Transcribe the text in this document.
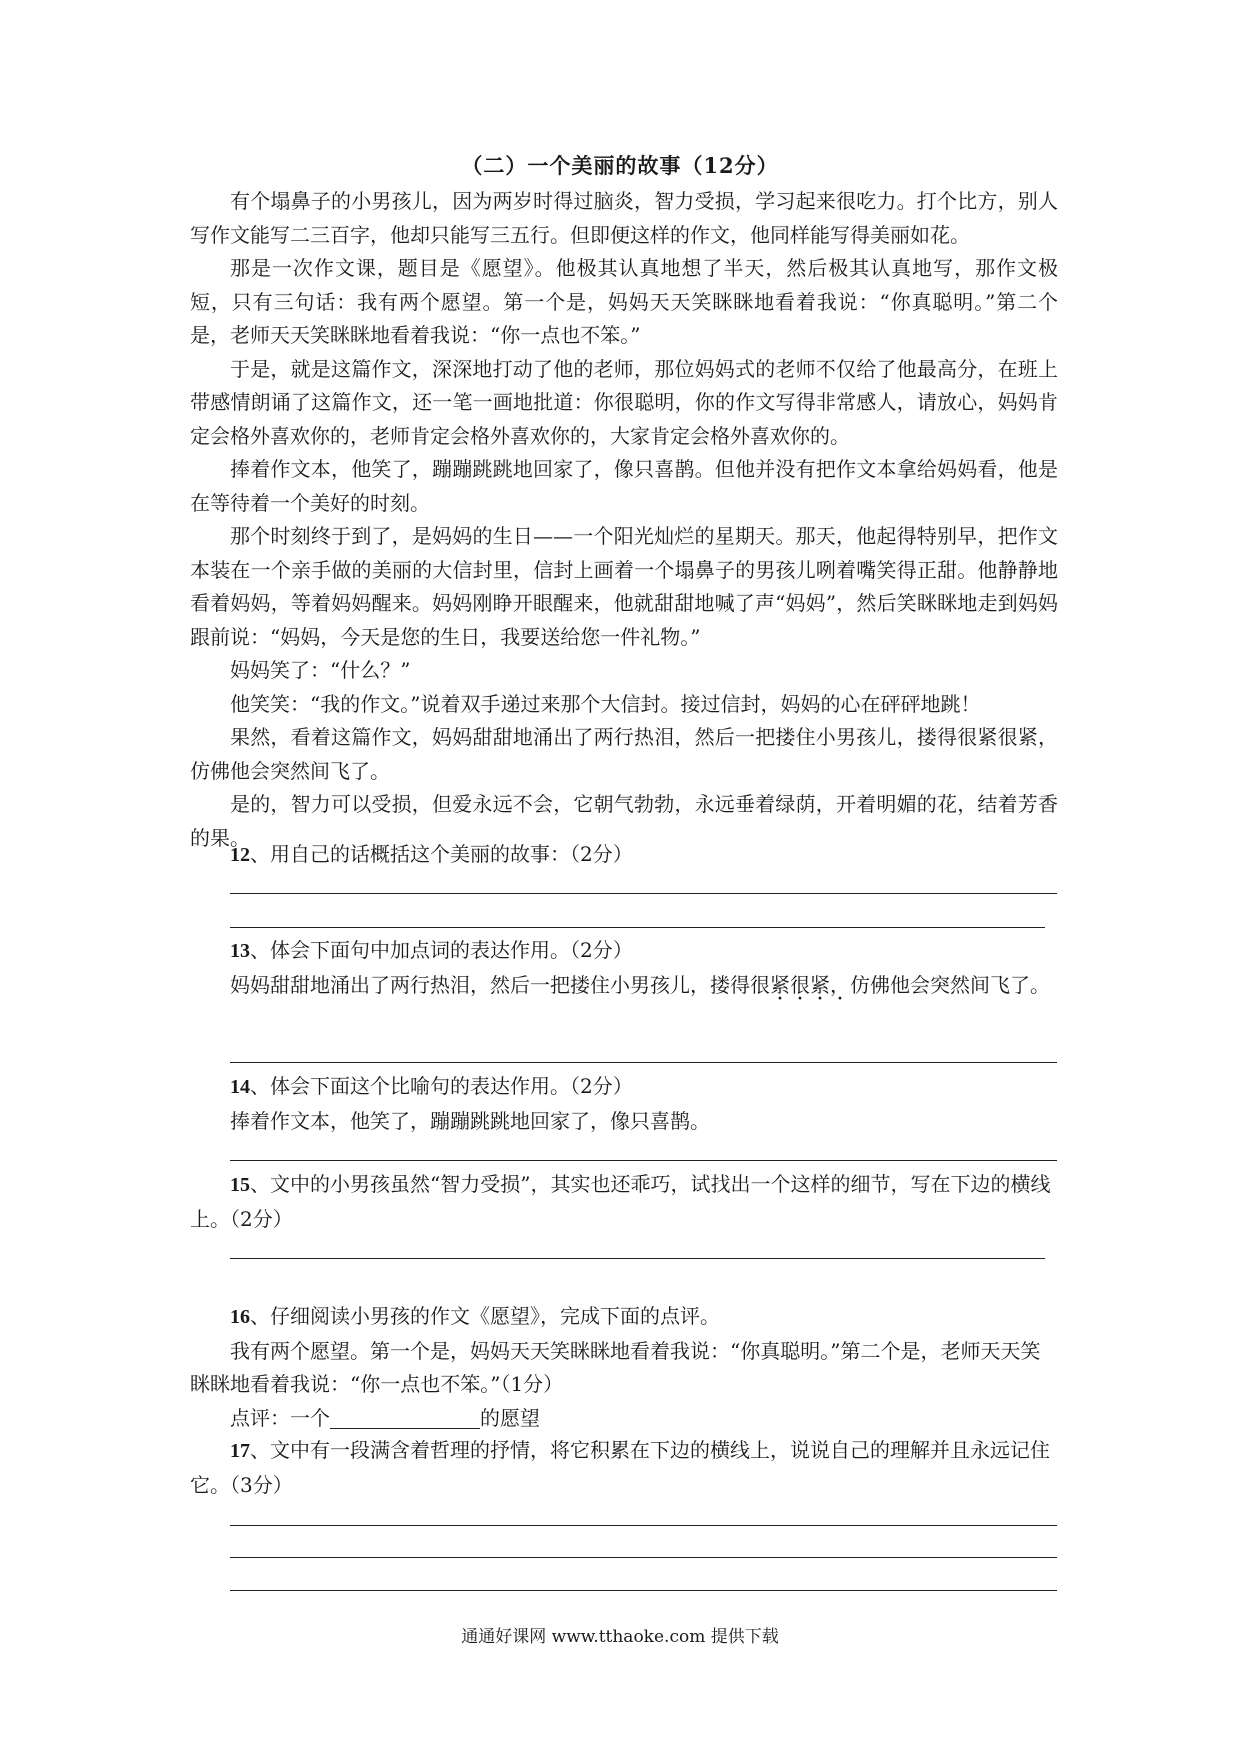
（二）一个美丽的故事（12分）

有个塌鼻子的小男孩儿，因为两岁时得过脑炎，智力受损，学习起来很吃力。打个比方，别人写作文能写二三百字，他却只能写三五行。但即便这样的作文，他同样能写得美丽如花。

那是一次作文课，题目是《愿望》。他极其认真地想了半天，然后极其认真地写，那作文极短，只有三句话：我有两个愿望。第一个是，妈妈天天笑眯眯地看着我说：“你真聪明。”第二个是，老师天天笑眯眯地看着我说：“你一点也不笨。”

于是，就是这篇作文，深深地打动了他的老师，那位妈妈式的老师不仅给了他最高分，在班上带感情朗诵了这篇作文，还一笔一画地批道：你很聪明，你的作文写得非常感人，请放心，妈妈肯定会格外喜欢你的，老师肯定会格外喜欢你的，大家肯定会格外喜欢你的。

捧着作文本，他笑了，蹦蹦跳跳地回家了，像只喜鹊。但他并没有把作文本拿给妈妈看，他是在等待着一个美好的时刻。

那个时刻终于到了，是妈妈的生日——一个阳光灿烂的星期天。那天，他起得特别早，把作文本装在一个亲手做的美丽的大信封里，信封上画着一个塌鼻子的男孩儿咧着嘴笑得正甜。他静静地看着妈妈，等着妈妈醒来。妈妈刚睁开眼醒来，他就甜甜地喊了声“妈妈”，然后笑眯眯地走到妈妈跟前说：“妈妈，今天是您的生日，我要送给您一件礼物。”

妈妈笑了：“什么？”

他笑笑：“我的作文。”说着双手递过来那个大信封。接过信封，妈妈的心在砰砰地跳！

果然，看着这篇作文，妈妈甜甜地涌出了两行热泪，然后一把搂住小男孩儿，搂得很紧很紧，仿佛他会突然间飞了。

是的，智力可以受损，但爱永远不会，它朝气勃勃，永远垂着绿荫，开着明媚的花，结着芳香的果。

12、用自己的话概括这个美丽的故事：（2分）

13、体会下面句中加点词的表达作用。（2分）

妈妈甜甜地涌出了两行热泪，然后一把搂住小男孩儿，搂得很紧很紧，仿佛他会突然间飞了。

14、体会下面这个比喻句的表达作用。（2分）

捧着作文本，他笑了，蹦蹦跳跳地回家了，像只喜鹊。

15、文中的小男孩虽然“智力受损”，其实也还乖巧，试找出一个这样的细节，写在下边的横线上。（2分）

16、仔细阅读小男孩的作文《愿望》，完成下面的点评。

我有两个愿望。第一个是，妈妈天天笑眯眯地看着我说：“你真聪明。”第二个是，老师天天笑眯眯地看着我说：“你一点也不笨。”（1分）

点评：一个	的愿望

17、文中有一段满含着哲理的抒情，将它积累在下边的横线上，说说自己的理解并且永远记住它。（3分）

通通好课网 www.tthaoke.com 提供下载
